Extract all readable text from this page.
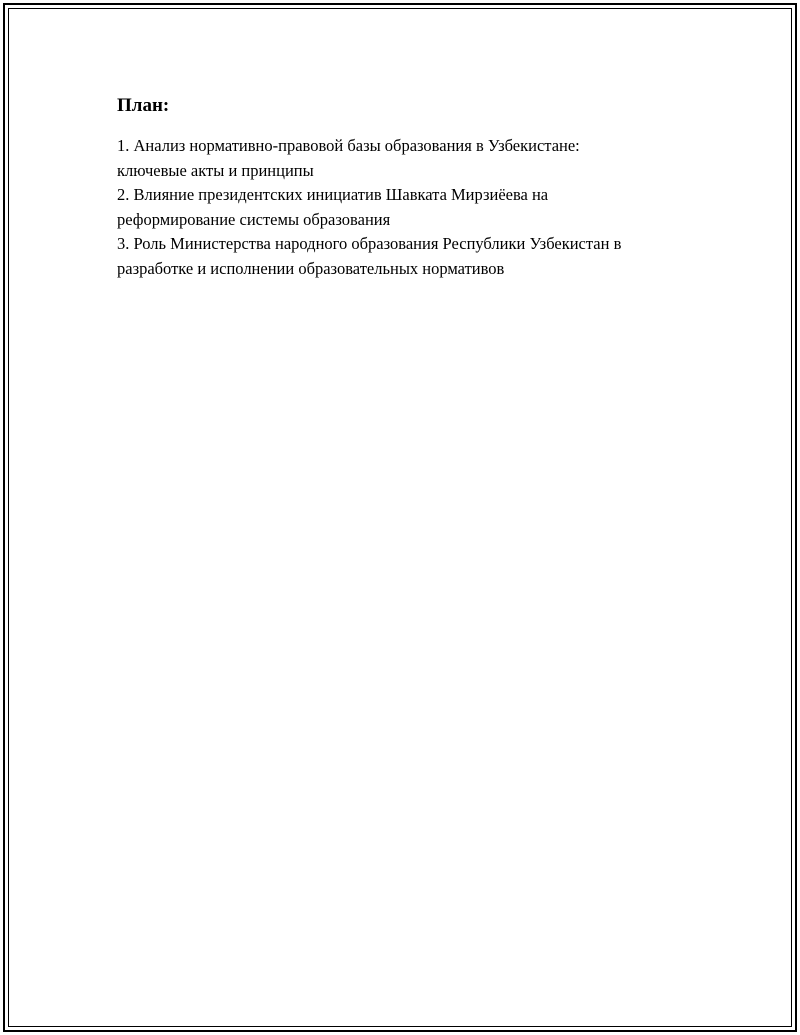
План:
1. Анализ нормативно-правовой базы образования в Узбекистане:
ключевые акты и принципы
2. Влияние президентских инициатив Шавката Мирзиёева на
реформирование системы образования
3. Роль Министерства народного образования Республики Узбекистан в
разработке и исполнении образовательных нормативов
